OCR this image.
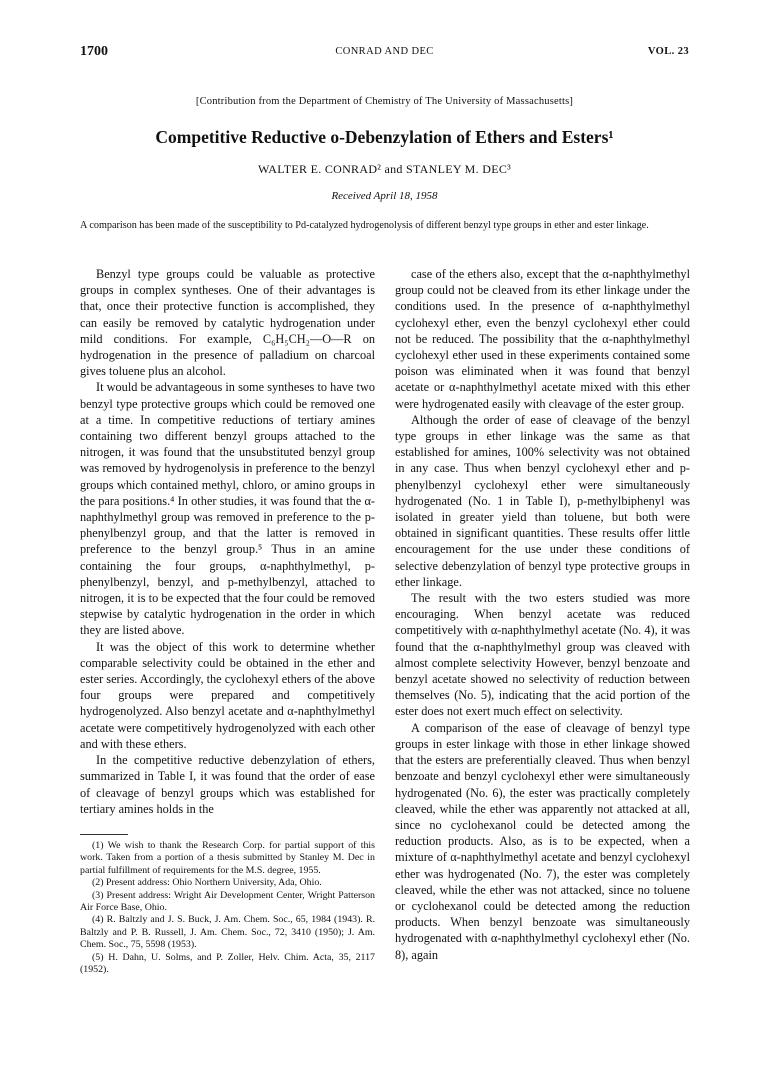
1700	CONRAD AND DEC	VOL. 23
[Contribution from the Department of Chemistry of The University of Massachusetts]
Competitive Reductive o-Debenzylation of Ethers and Esters¹
WALTER E. CONRAD² and STANLEY M. DEC³
Received April 18, 1958
A comparison has been made of the susceptibility to Pd-catalyzed hydrogenolysis of different benzyl type groups in ether and ester linkage.

Benzyl type groups could be valuable as protective groups in complex syntheses. One of their advantages is that, once their protective function is accomplished, they can easily be removed by catalytic hydrogenation under mild conditions. For example, C₆H₅CH₂—O—R on hydrogenation in the presence of palladium on charcoal gives toluene plus an alcohol.

It would be advantageous in some syntheses to have two benzyl type protective groups which could be removed one at a time. In competitive reductions of tertiary amines containing two different benzyl groups attached to the nitrogen, it was found that the unsubstituted benzyl group was removed by hydrogenolysis in preference to the benzyl groups which contained methyl, chloro, or amino groups in the para positions.⁴ In other studies, it was found that the α-naphthylmethyl group was removed in preference to the p-phenylbenzyl group, and that the latter is removed in preference to the benzyl group.⁵ Thus in an amine containing the four groups, α-naphthylmethyl, p-phenylbenzyl, benzyl, and p-methylbenzyl, attached to nitrogen, it is to be expected that the four could be removed stepwise by catalytic hydrogenation in the order in which they are listed above.

It was the object of this work to determine whether comparable selectivity could be obtained in the ether and ester series. Accordingly, the cyclohexyl ethers of the above four groups were prepared and competitively hydrogenolyzed. Also benzyl acetate and α-naphthylmethyl acetate were competitively hydrogenolyzed with each other and with these ethers.

In the competitive reductive debenzylation of ethers, summarized in Table I, it was found that the order of ease of cleavage of benzyl groups which was established for tertiary amines holds in the

(1) We wish to thank the Research Corp. for partial support of this work. Taken from a portion of a thesis submitted by Stanley M. Dec in partial fulfillment of requirements for the M.S. degree, 1955.

(2) Present address: Ohio Northern University, Ada, Ohio.

(3) Present address: Wright Air Development Center, Wright Patterson Air Force Base, Ohio.

(4) R. Baltzly and J. S. Buck, J. Am. Chem. Soc., 65, 1984 (1943). R. Baltzly and P. B. Russell, J. Am. Chem. Soc., 72, 3410 (1950); J. Am. Chem. Soc., 75, 5598 (1953).

(5) H. Dahn, U. Solms, and P. Zoller, Helv. Chim. Acta, 35, 2117 (1952).

case of the ethers also, except that the α-naphthylmethyl group could not be cleaved from its ether linkage under the conditions used. In the presence of α-naphthylmethyl cyclohexyl ether, even the benzyl cyclohexyl ether could not be reduced. The possibility that the α-naphthylmethyl cyclohexyl ether used in these experiments contained some poison was eliminated when it was found that benzyl acetate or α-naphthylmethyl acetate mixed with this ether were hydrogenated easily with cleavage of the ester group.

Although the order of ease of cleavage of the benzyl type groups in ether linkage was the same as that established for amines, 100% selectivity was not obtained in any case. Thus when benzyl cyclohexyl ether and p-phenylbenzyl cyclohexyl ether were simultaneously hydrogenated (No. 1 in Table I), p-methylbiphenyl was isolated in greater yield than toluene, but both were obtained in significant quantities. These results offer little encouragement for the use under these conditions of selective debenzylation of benzyl type protective groups in ether linkage.

The result with the two esters studied was more encouraging. When benzyl acetate was reduced competitively with α-naphthylmethyl acetate (No. 4), it was found that the α-naphthylmethyl group was cleaved with almost complete selectivity However, benzyl benzoate and benzyl acetate showed no selectivity of reduction between themselves (No. 5), indicating that the acid portion of the ester does not exert much effect on selectivity.

A comparison of the ease of cleavage of benzyl type groups in ester linkage with those in ether linkage showed that the esters are preferentially cleaved. Thus when benzyl benzoate and benzyl cyclohexyl ether were simultaneously hydrogenated (No. 6), the ester was practically completely cleaved, while the ether was apparently not attacked at all, since no cyclohexanol could be detected among the reduction products. Also, as is to be expected, when a mixture of α-naphthylmethyl acetate and benzyl cyclohexyl ether was hydrogenated (No. 7), the ester was completely cleaved, while the ether was not attacked, since no toluene or cyclohexanol could be detected among the reduction products. When benzyl benzoate was simultaneously hydrogenated with α-naphthylmethyl cyclohexyl ether (No. 8), again
